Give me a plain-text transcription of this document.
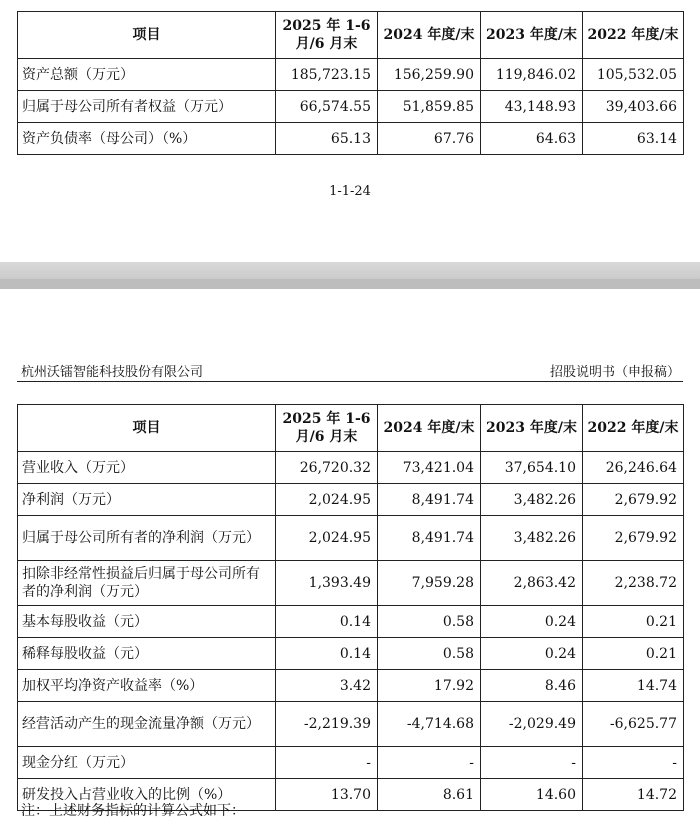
项目	2025 年 1-6 月/6 月末	2024 年度/末	2023 年度/末	2022 年度/末
资产总额（万元）	185,723.15	156,259.90	119,846.02	105,532.05
归属于母公司所有者权益（万元）	66,574.55	51,859.85	43,148.93	39,403.66
资产负债率（母公司）（%）	65.13	67.76	64.63	63.14
1-1-24
杭州沃镭智能科技股份有限公司	招股说明书（申报稿）
项目	2025 年 1-6 月/6 月末	2024 年度/末	2023 年度/末	2022 年度/末
营业收入（万元）	26,720.32	73,421.04	37,654.10	26,246.64
净利润（万元）	2,024.95	8,491.74	3,482.26	2,679.92
归属于母公司所有者的净利润（万元）	2,024.95	8,491.74	3,482.26	2,679.92
扣除非经常性损益后归属于母公司所有者的净利润（万元）	1,393.49	7,959.28	2,863.42	2,238.72
基本每股收益（元）	0.14	0.58	0.24	0.21
稀释每股收益（元）	0.14	0.58	0.24	0.21
加权平均净资产收益率（%）	3.42	17.92	8.46	14.74
经营活动产生的现金流量净额（万元）	-2,219.39	-4,714.68	-2,029.49	-6,625.77
现金分红（万元）	-	-	-	-
研发投入占营业收入的比例（%）	13.70	8.61	14.60	14.72
注：上述财务指标的计算公式如下：
